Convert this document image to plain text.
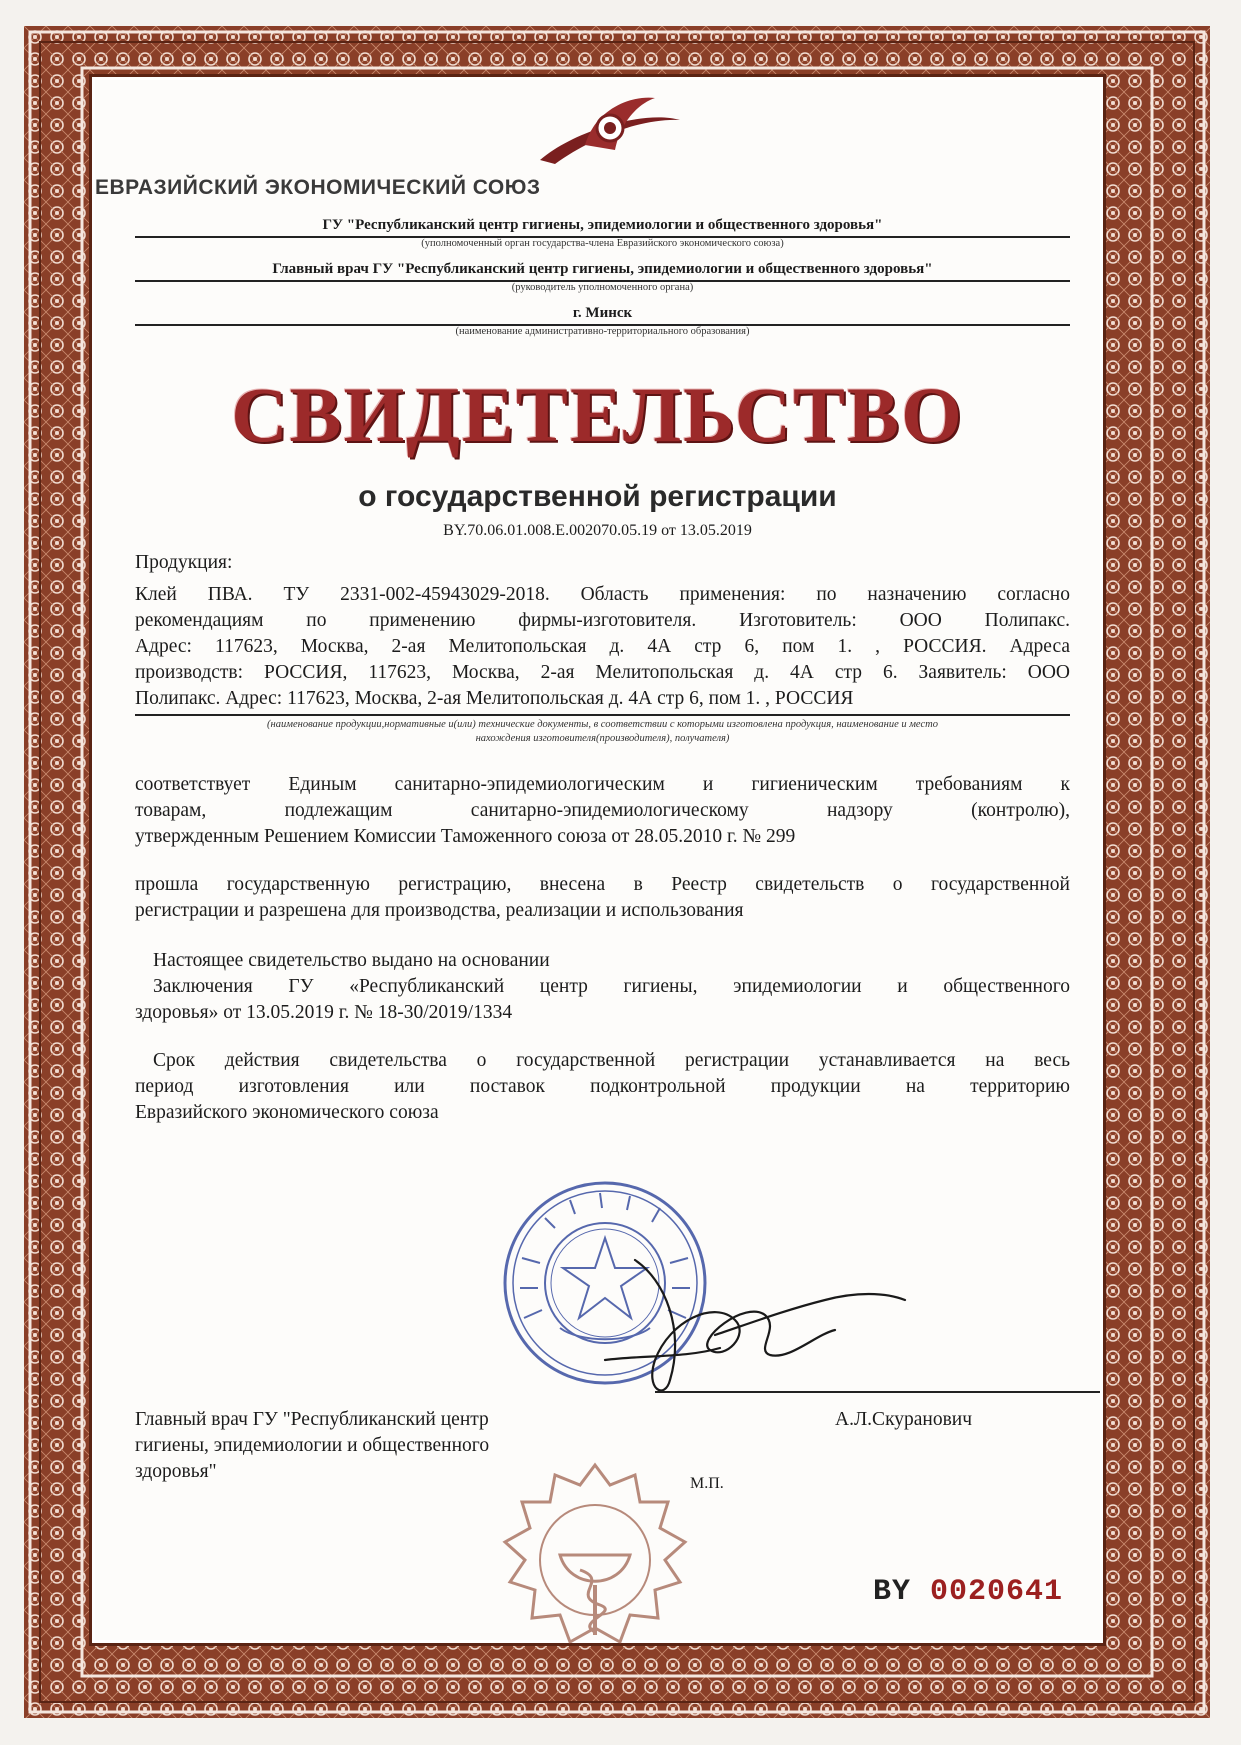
ЕВРАЗИЙСКИЙ ЭКОНОМИЧЕСКИЙ СОЮЗ
ГУ "Республиканский центр гигиены, эпидемиологии и общественного здоровья"
(уполномоченный орган государства-члена Евразийского экономического союза)
Главный врач ГУ "Республиканский центр гигиены, эпидемиологии и общественного здоровья"
(руководитель уполномоченного органа)
г. Минск
(наименование административно-территориального образования)
СВИДЕТЕЛЬСТВО
о государственной регистрации
BY.70.06.01.008.E.002070.05.19 от 13.05.2019
Продукция:
Клей ПВА. ТУ 2331-002-45943029-2018. Область применения: по назначению согласно
рекомендациям по применению фирмы-изготовителя. Изготовитель: ООО Полипакс.
Адрес: 117623, Москва, 2-ая Мелитопольская д. 4А стр 6, пом 1. , РОССИЯ. Адреса
производств: РОССИЯ, 117623, Москва, 2-ая Мелитопольская д. 4А стр 6. Заявитель: ООО
Полипакс. Адрес: 117623, Москва, 2-ая Мелитопольская д. 4А стр 6, пом 1. , РОССИЯ
(наименование продукции,нормативные и(или) технические документы, в соответствии с которыми изготовлена продукция, наименование и место
нахождения изготовителя(производителя), получателя)
соответствует Единым санитарно-эпидемиологическим и гигиеническим требованиям к
товарам, подлежащим санитарно-эпидемиологическому надзору (контролю),
утвержденным Решением Комиссии Таможенного союза от 28.05.2010 г. № 299
прошла государственную регистрацию, внесена в Реестр свидетельств о государственной
регистрации и разрешена для производства, реализации и использования
Настоящее свидетельство выдано на основании
Заключения ГУ «Республиканский центр гигиены, эпидемиологии и общественного
здоровья» от 13.05.2019 г. № 18-30/2019/1334
Срок действия свидетельства о государственной регистрации устанавливается на весь
период изготовления или поставок подконтрольной продукции на территорию
Евразийского экономического союза
Главный врач ГУ "Республиканский центр
гигиены, эпидемиологии и общественного
здоровья"
А.Л.Скуранович
М.П.
BY 0020641
